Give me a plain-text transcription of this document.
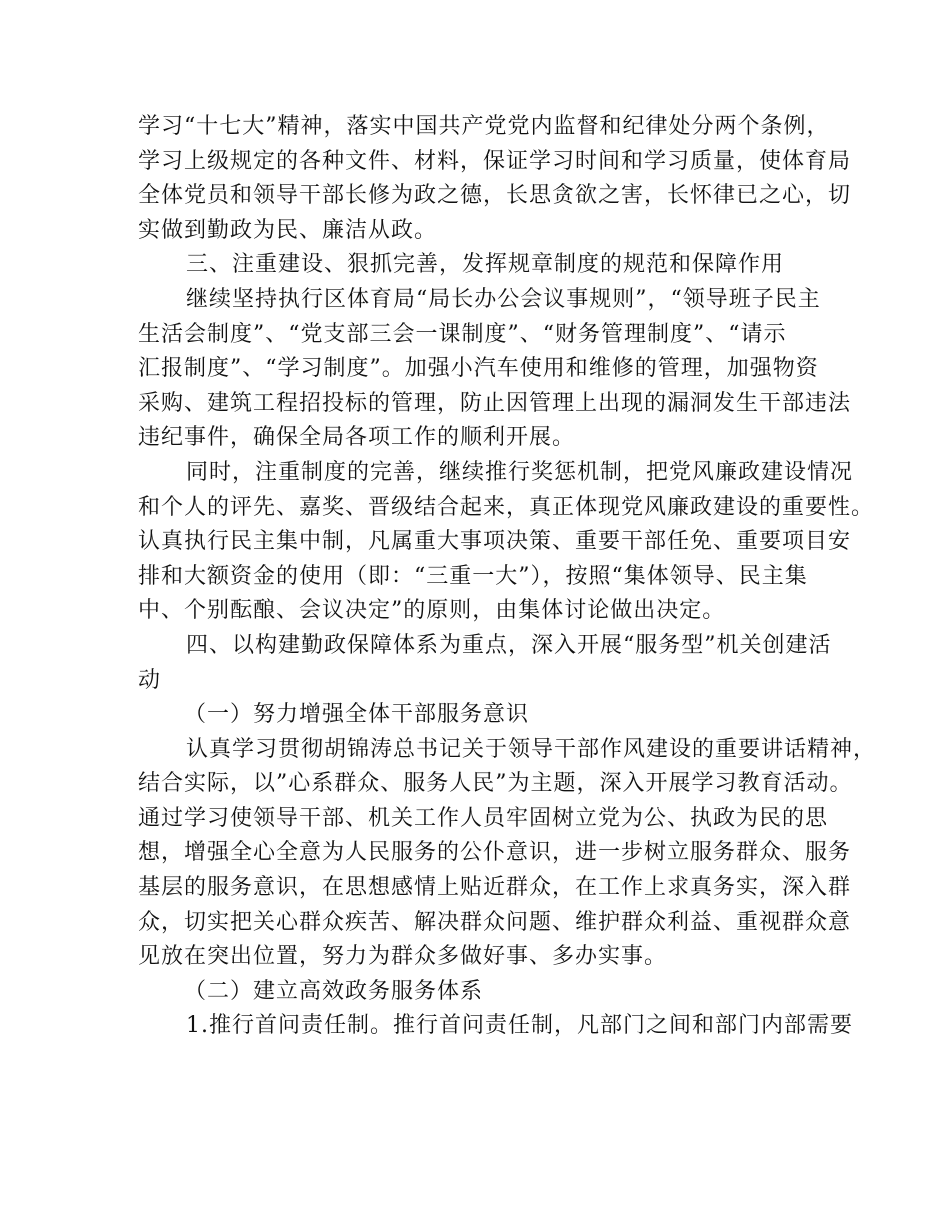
学习“十七大”精神，落实中国共产党党内监督和纪律处分两个条例，
学习上级规定的各种文件、材料，保证学习时间和学习质量，使体育局
全体党员和领导干部长修为政之德，长思贪欲之害，长怀律已之心，切
实做到勤政为民、廉洁从政。
三、注重建设、狠抓完善，发挥规章制度的规范和保障作用
继续坚持执行区体育局“局长办公会议事规则”，“领导班子民主
生活会制度”、“党支部三会一课制度”、“财务管理制度”、“请示
汇报制度”、“学习制度”。加强小汽车使用和维修的管理，加强物资
采购、建筑工程招投标的管理，防止因管理上出现的漏洞发生干部违法
违纪事件，确保全局各项工作的顺利开展。
同时，注重制度的完善，继续推行奖惩机制，把党风廉政建设情况
和个人的评先、嘉奖、晋级结合起来，真正体现党风廉政建设的重要性。
认真执行民主集中制，凡属重大事项决策、重要干部任免、重要项目安
排和大额资金的使用（即：“三重一大”），按照“集体领导、民主集
中、个别酝酿、会议决定”的原则，由集体讨论做出决定。
四、以构建勤政保障体系为重点，深入开展“服务型”机关创建活
动
（一）努力增强全体干部服务意识
认真学习贯彻胡锦涛总书记关于领导干部作风建设的重要讲话精神，
结合实际，以”心系群众、服务人民”为主题，深入开展学习教育活动。
通过学习使领导干部、机关工作人员牢固树立党为公、执政为民的思
想，增强全心全意为人民服务的公仆意识，进一步树立服务群众、服务
基层的服务意识，在思想感情上贴近群众，在工作上求真务实，深入群
众，切实把关心群众疾苦、解决群众问题、维护群众利益、重视群众意
见放在突出位置，努力为群众多做好事、多办实事。
（二）建立高效政务服务体系
1.推行首问责任制。推行首问责任制，凡部门之间和部门内部需要
